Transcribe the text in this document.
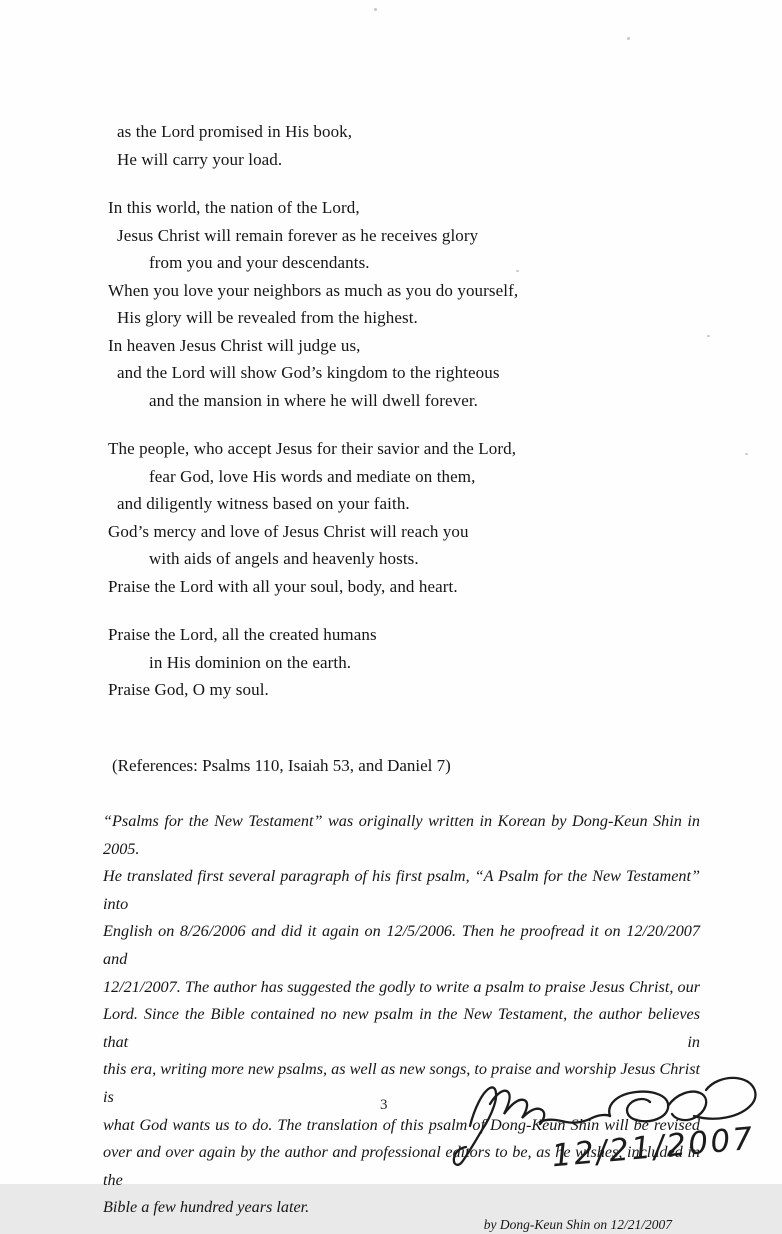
as the Lord promised in His book,
He will carry your load.
In this world, the nation of the Lord,
Jesus Christ will remain forever as he receives glory
from you and your descendants.
When you love your neighbors as much as you do yourself,
His glory will be revealed from the highest.
In heaven Jesus Christ will judge us,
and the Lord will show God’s kingdom to the righteous
and the mansion in where he will dwell forever.
The people, who accept Jesus for their savior and the Lord,
fear God, love His words and mediate on them,
and diligently witness based on your faith.
God’s mercy and love of Jesus Christ will reach you
with aids of angels and heavenly hosts.
Praise the Lord with all your soul, body, and heart.
Praise the Lord, all the created humans
in His dominion on the earth.
Praise God, O my soul.
(References: Psalms 110, Isaiah 53, and Daniel 7)
“Psalms for the New Testament” was originally written in Korean by Dong-Keun Shin in 2005.
He translated first several paragraph of his first psalm, “A Psalm for the New Testament” into
English on 8/26/2006 and did it again on 12/5/2006. Then he proofread it on 12/20/2007 and
12/21/2007. The author has suggested the godly to write a psalm to praise Jesus Christ, our
Lord. Since the Bible contained no new psalm in the New Testament, the author believes that in
this era, writing more new psalms, as well as new songs, to praise and worship Jesus Christ is
what God wants us to do. The translation of this psalm of Dong-Keun Shin will be revised
over and over again by the author and professional editors to be, as he wishes, included in the
Bible a few hundred years later.
by Dong-Keun Shin on 12/21/2007
12/21/2007
3
